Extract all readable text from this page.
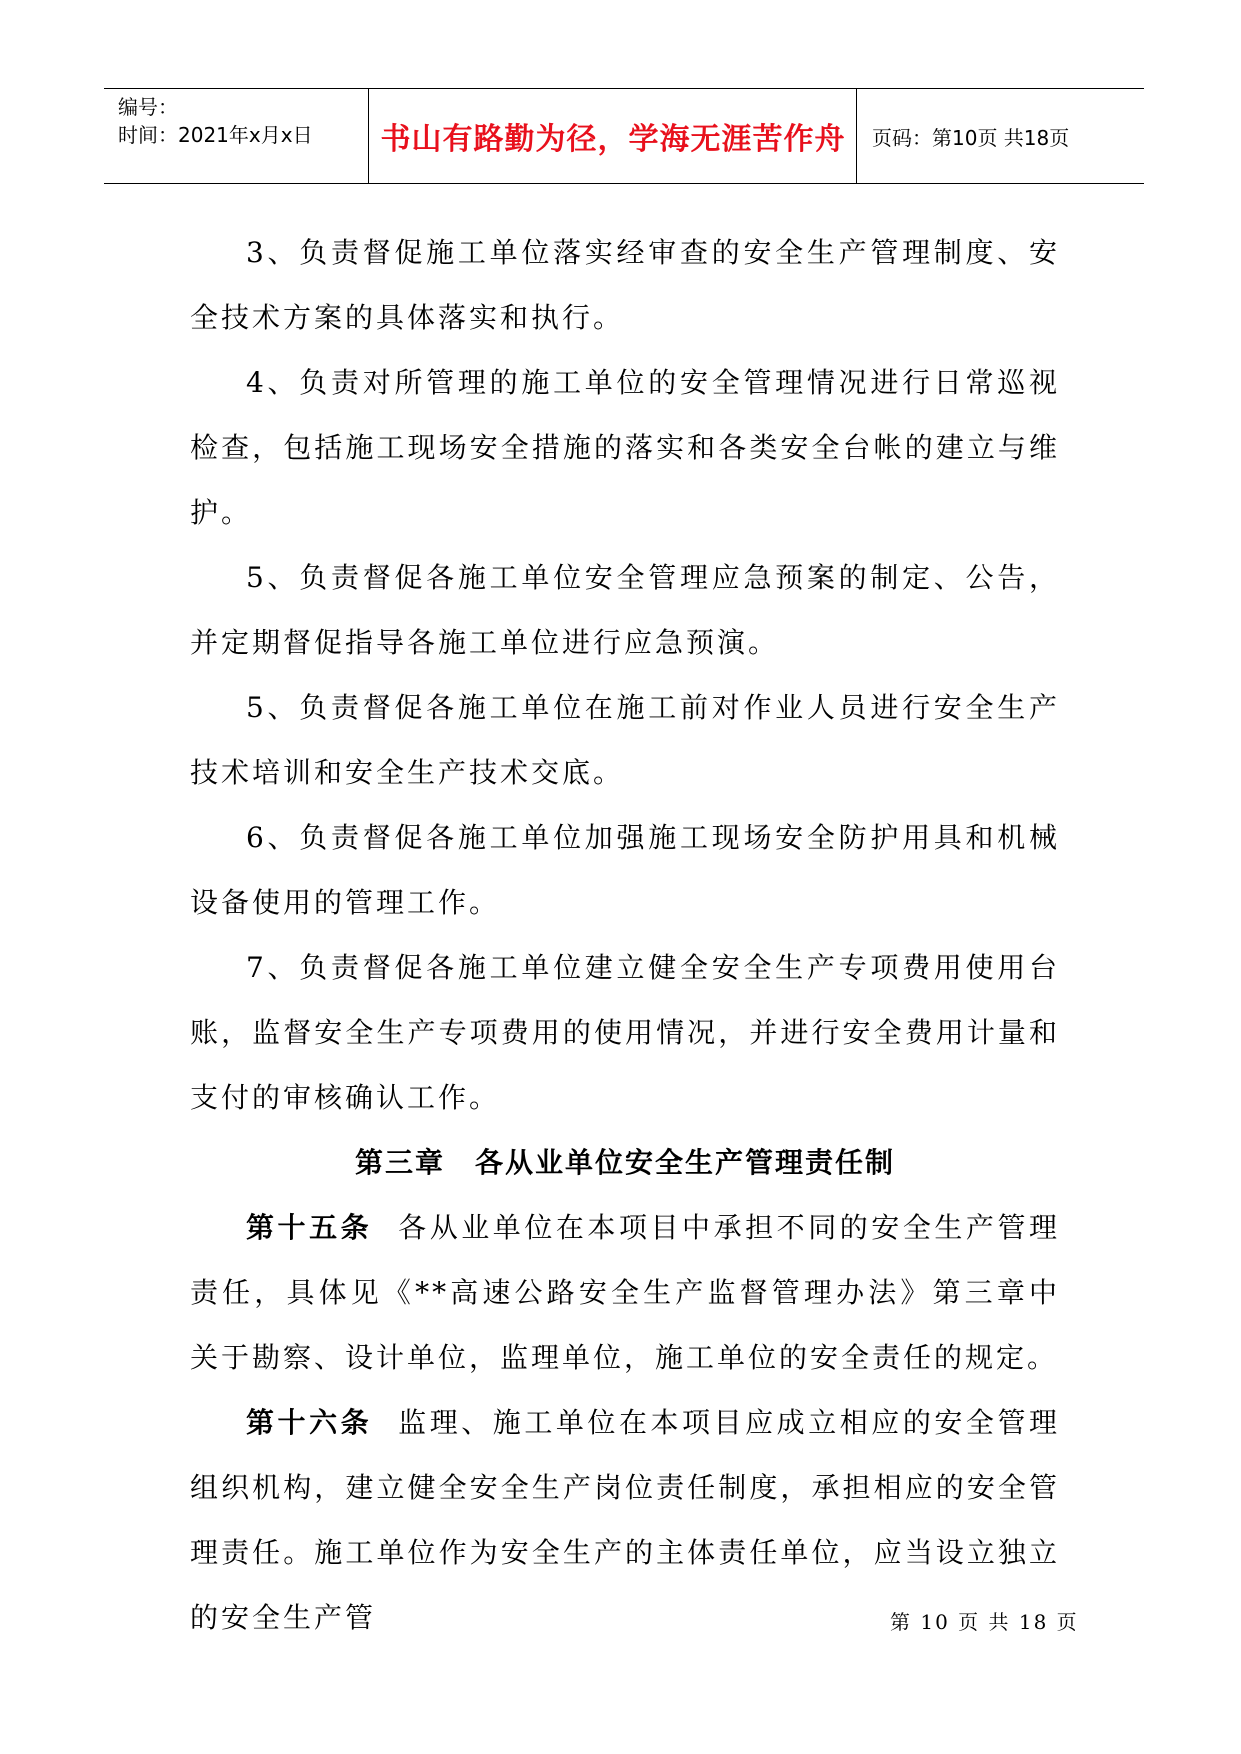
编号：
时间：2021年x月x日	书山有路勤为径，学海无涯苦作舟	页码：第10页 共18页

3、负责督促施工单位落实经审查的安全生产管理制度、安全技术方案的具体落实和执行。

4、负责对所管理的施工单位的安全管理情况进行日常巡视检查，包括施工现场安全措施的落实和各类安全台帐的建立与维护。

5、负责督促各施工单位安全管理应急预案的制定、公告，并定期督促指导各施工单位进行应急预演。

5、负责督促各施工单位在施工前对作业人员进行安全生产技术培训和安全生产技术交底。

6、负责督促各施工单位加强施工现场安全防护用具和机械设备使用的管理工作。

7、负责督促各施工单位建立健全安全生产专项费用使用台账，监督安全生产专项费用的使用情况，并进行安全费用计量和支付的审核确认工作。

第三章　各从业单位安全生产管理责任制

第十五条 各从业单位在本项目中承担不同的安全生产管理责任，具体见《**高速公路安全生产监督管理办法》第三章中关于勘察、设计单位，监理单位，施工单位的安全责任的规定。

第十六条 监理、施工单位在本项目应成立相应的安全管理组织机构，建立健全安全生产岗位责任制度，承担相应的安全管理责任。施工单位作为安全生产的主体责任单位，应当设立独立的安全生产管	第 10 页 共 18 页
